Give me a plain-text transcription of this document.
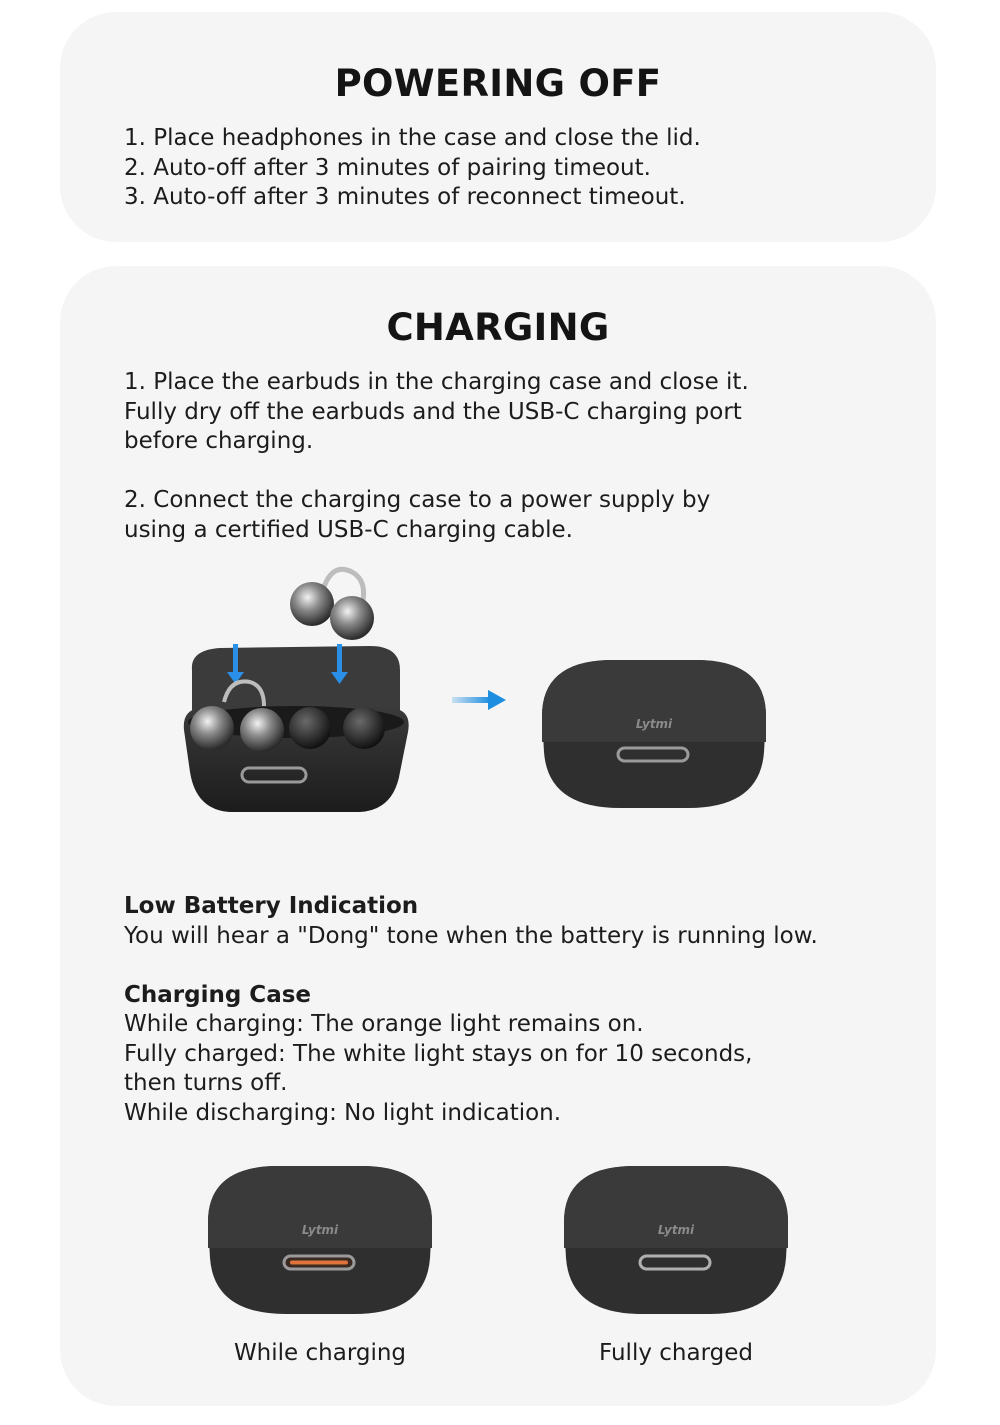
POWERING OFF
1. Place headphones in the case and close the lid.
2. Auto-off after 3 minutes of pairing timeout.
3. Auto-off after 3 minutes of reconnect timeout.
CHARGING
1. Place the earbuds in the charging case and close it.
Fully dry off the earbuds and the USB-C charging port
before charging.
2. Connect the charging case to a power supply by
using a certified USB-C charging cable.
Lytmi
Low Battery Indication
You will hear a "Dong" tone when the battery is running low.
Charging Case
While charging: The orange light remains on.
Fully charged: The white light stays on for 10 seconds,
then turns off.
While discharging: No light indication.
Lytmi	Lytmi
While charging	Fully charged
